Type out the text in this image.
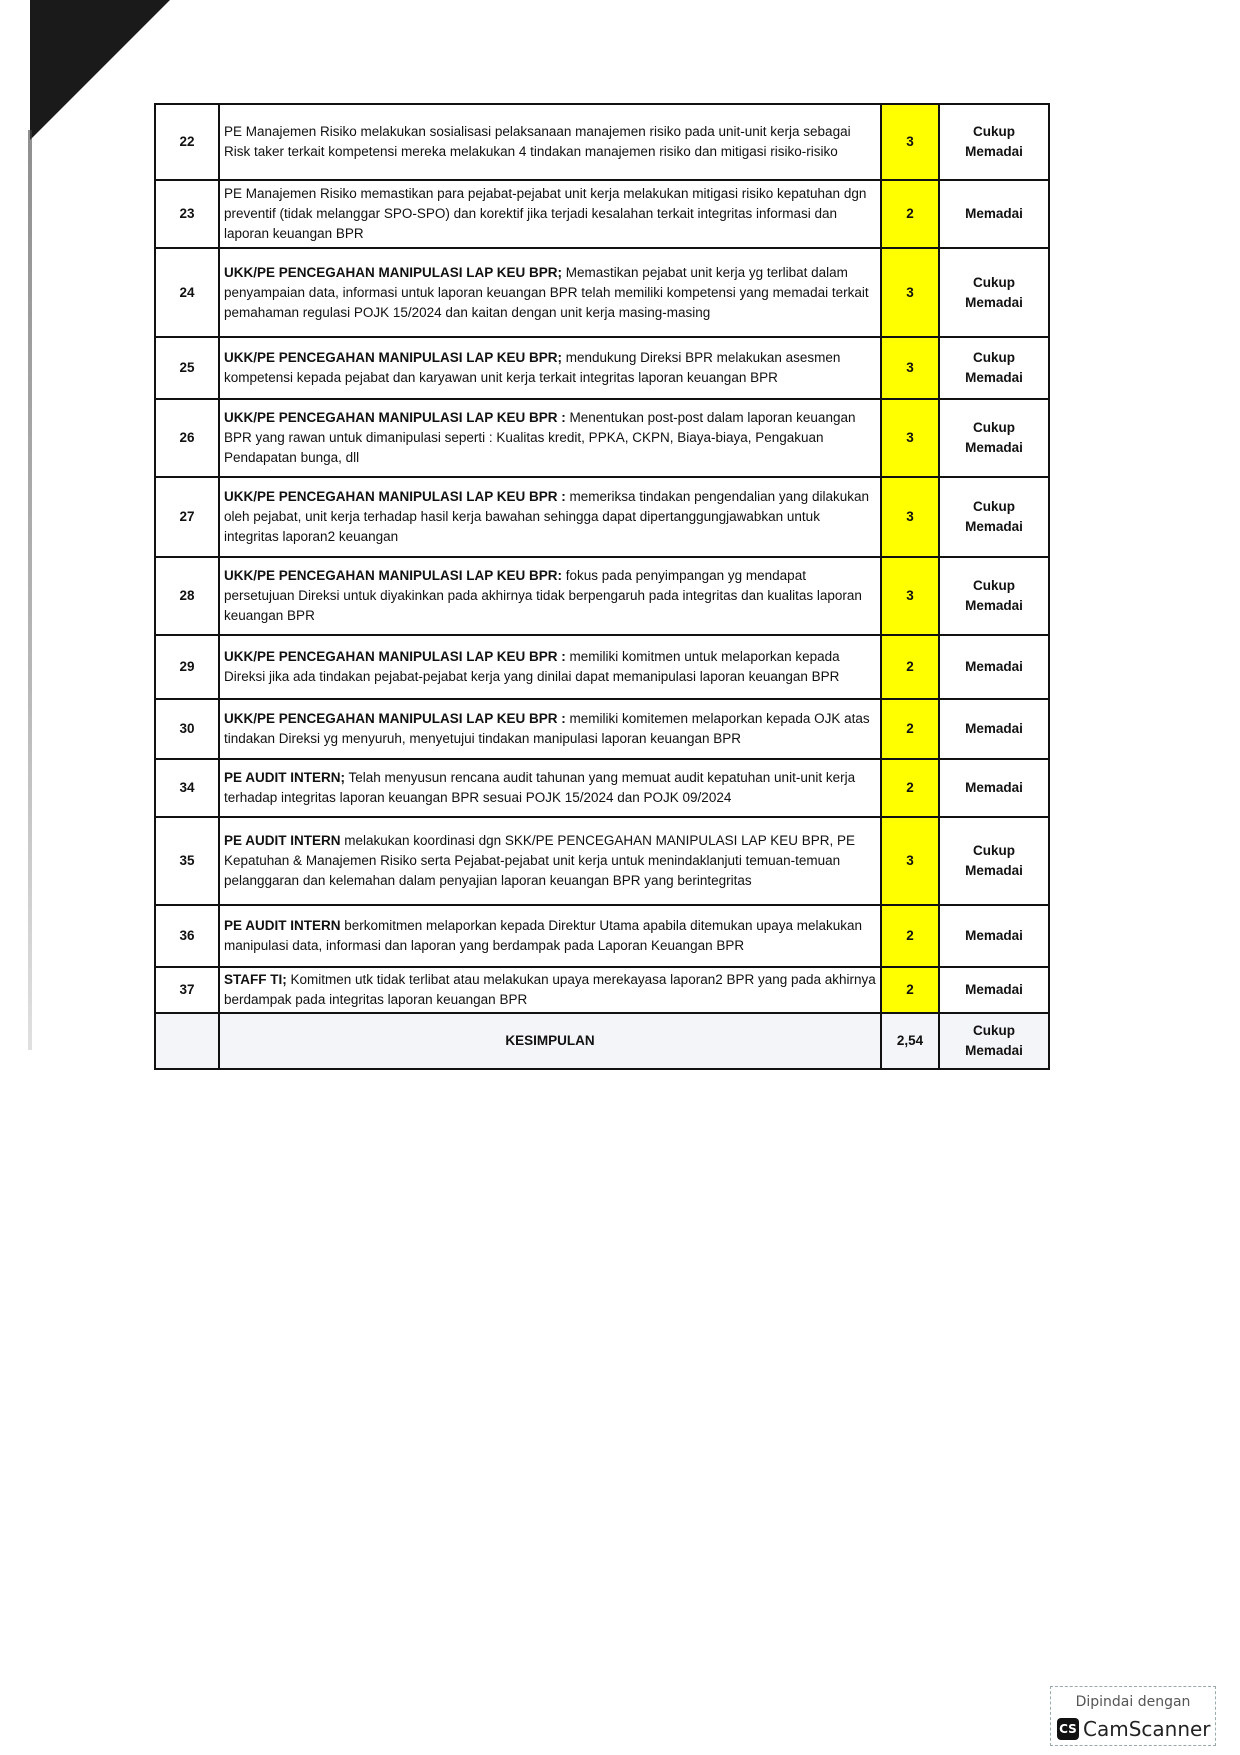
22	PE Manajemen Risiko melakukan sosialisasi pelaksanaan manajemen risiko pada unit-unit kerja sebagai Risk taker terkait kompetensi mereka melakukan 4 tindakan manajemen risiko dan mitigasi risiko-risiko	3	Cukup Memadai
23	PE Manajemen Risiko memastikan para pejabat-pejabat unit kerja melakukan mitigasi risiko kepatuhan dgn preventif (tidak melanggar SPO-SPO) dan korektif jika terjadi kesalahan terkait integritas informasi dan laporan keuangan BPR	2	Memadai
24	UKK/PE PENCEGAHAN MANIPULASI LAP KEU BPR; Memastikan pejabat unit kerja yg terlibat dalam penyampaian data, informasi untuk laporan keuangan BPR telah memiliki kompetensi yang memadai terkait pemahaman regulasi POJK 15/2024 dan kaitan dengan unit kerja masing-masing	3	Cukup Memadai
25	UKK/PE PENCEGAHAN MANIPULASI LAP KEU BPR; mendukung Direksi BPR melakukan asesmen kompetensi kepada pejabat dan karyawan unit kerja terkait integritas laporan keuangan BPR	3	Cukup Memadai
26	UKK/PE PENCEGAHAN MANIPULASI LAP KEU BPR : Menentukan post-post dalam laporan keuangan BPR yang rawan untuk dimanipulasi seperti : Kualitas kredit, PPKA, CKPN, Biaya-biaya, Pengakuan Pendapatan bunga, dll	3	Cukup Memadai
27	UKK/PE PENCEGAHAN MANIPULASI LAP KEU BPR : memeriksa tindakan pengendalian yang dilakukan oleh pejabat, unit kerja terhadap hasil kerja bawahan sehingga dapat dipertanggungjawabkan untuk integritas laporan2 keuangan	3	Cukup Memadai
28	UKK/PE PENCEGAHAN MANIPULASI LAP KEU BPR: fokus pada penyimpangan yg mendapat persetujuan Direksi untuk diyakinkan pada akhirnya tidak berpengaruh pada integritas dan kualitas laporan keuangan BPR	3	Cukup Memadai
29	UKK/PE PENCEGAHAN MANIPULASI LAP KEU BPR : memiliki komitmen untuk melaporkan kepada Direksi jika ada tindakan pejabat-pejabat kerja yang dinilai dapat memanipulasi laporan keuangan BPR	2	Memadai
30	UKK/PE PENCEGAHAN MANIPULASI LAP KEU BPR : memiliki komitemen melaporkan kepada OJK atas tindakan Direksi yg menyuruh, menyetujui tindakan manipulasi laporan keuangan BPR	2	Memadai
34	PE AUDIT INTERN; Telah menyusun rencana audit tahunan yang memuat audit kepatuhan unit-unit kerja terhadap integritas laporan keuangan BPR sesuai POJK 15/2024 dan POJK 09/2024	2	Memadai
35	PE AUDIT INTERN melakukan koordinasi dgn SKK/PE PENCEGAHAN MANIPULASI LAP KEU BPR, PE Kepatuhan & Manajemen Risiko serta Pejabat-pejabat unit kerja untuk menindaklanjuti temuan-temuan pelanggaran dan kelemahan dalam penyajian laporan keuangan BPR yang berintegritas	3	Cukup Memadai
36	PE AUDIT INTERN berkomitmen melaporkan kepada Direktur Utama apabila ditemukan upaya melakukan manipulasi data, informasi dan laporan yang berdampak pada Laporan Keuangan BPR	2	Memadai
37	STAFF TI; Komitmen utk tidak terlibat atau melakukan upaya merekayasa laporan2 BPR yang pada akhirnya berdampak pada integritas laporan keuangan BPR	2	Memadai
	KESIMPULAN	2,54	Cukup Memadai
Dipindai dengan
CS CamScanner
